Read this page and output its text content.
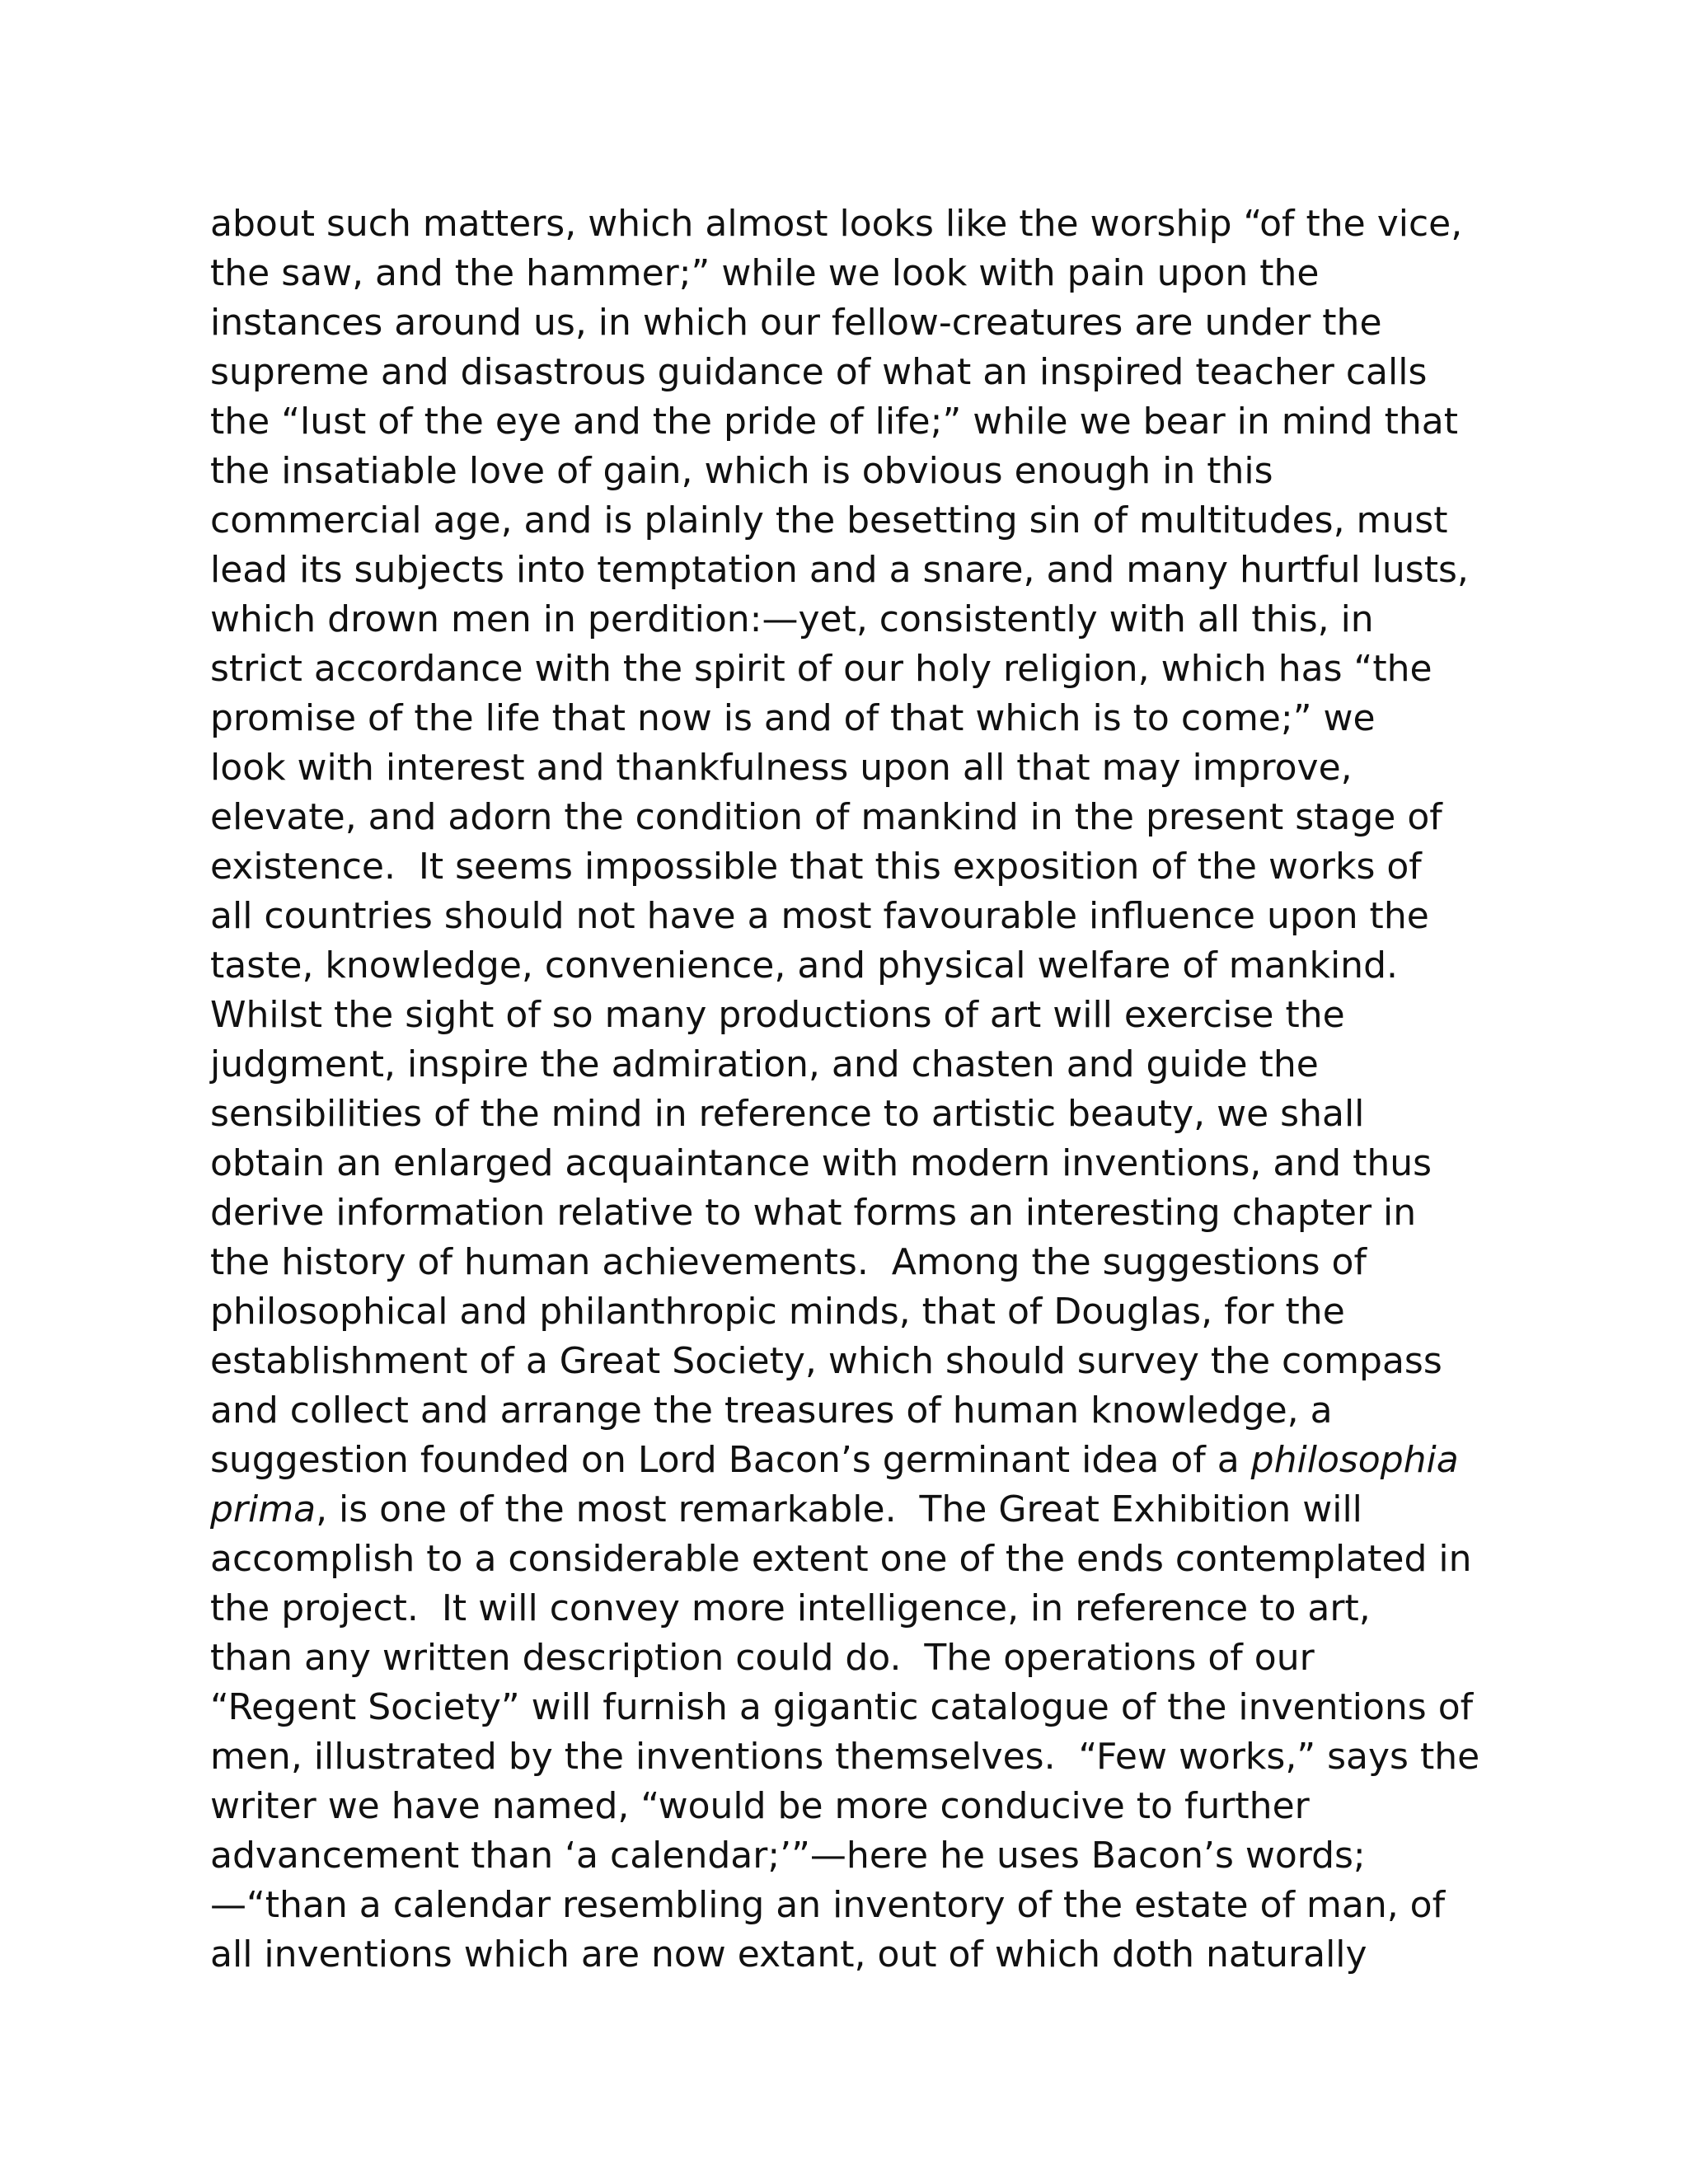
about such matters, which almost looks like the worship “of the vice,
the saw, and the hammer;” while we look with pain upon the
instances around us, in which our fellow-creatures are under the
supreme and disastrous guidance of what an inspired teacher calls
the “lust of the eye and the pride of life;” while we bear in mind that
the insatiable love of gain, which is obvious enough in this
commercial age, and is plainly the besetting sin of multitudes, must
lead its subjects into temptation and a snare, and many hurtful lusts,
which drown men in perdition:—yet, consistently with all this, in
strict accordance with the spirit of our holy religion, which has “the
promise of the life that now is and of that which is to come;” we
look with interest and thankfulness upon all that may improve,
elevate, and adorn the condition of mankind in the present stage of
existence.  It seems impossible that this exposition of the works of
all countries should not have a most favourable influence upon the
taste, knowledge, convenience, and physical welfare of mankind.
Whilst the sight of so many productions of art will exercise the
judgment, inspire the admiration, and chasten and guide the
sensibilities of the mind in reference to artistic beauty, we shall
obtain an enlarged acquaintance with modern inventions, and thus
derive information relative to what forms an interesting chapter in
the history of human achievements.  Among the suggestions of
philosophical and philanthropic minds, that of Douglas, for the
establishment of a Great Society, which should survey the compass
and collect and arrange the treasures of human knowledge, a
suggestion founded on Lord Bacon’s germinant idea of a philosophia
prima, is one of the most remarkable.  The Great Exhibition will
accomplish to a considerable extent one of the ends contemplated in
the project.  It will convey more intelligence, in reference to art,
than any written description could do.  The operations of our
“Regent Society” will furnish a gigantic catalogue of the inventions of
men, illustrated by the inventions themselves.  “Few works,” says the
writer we have named, “would be more conducive to further
advancement than ‘a calendar;’”—here he uses Bacon’s words;
—“than a calendar resembling an inventory of the estate of man, of
all inventions which are now extant, out of which doth naturally
